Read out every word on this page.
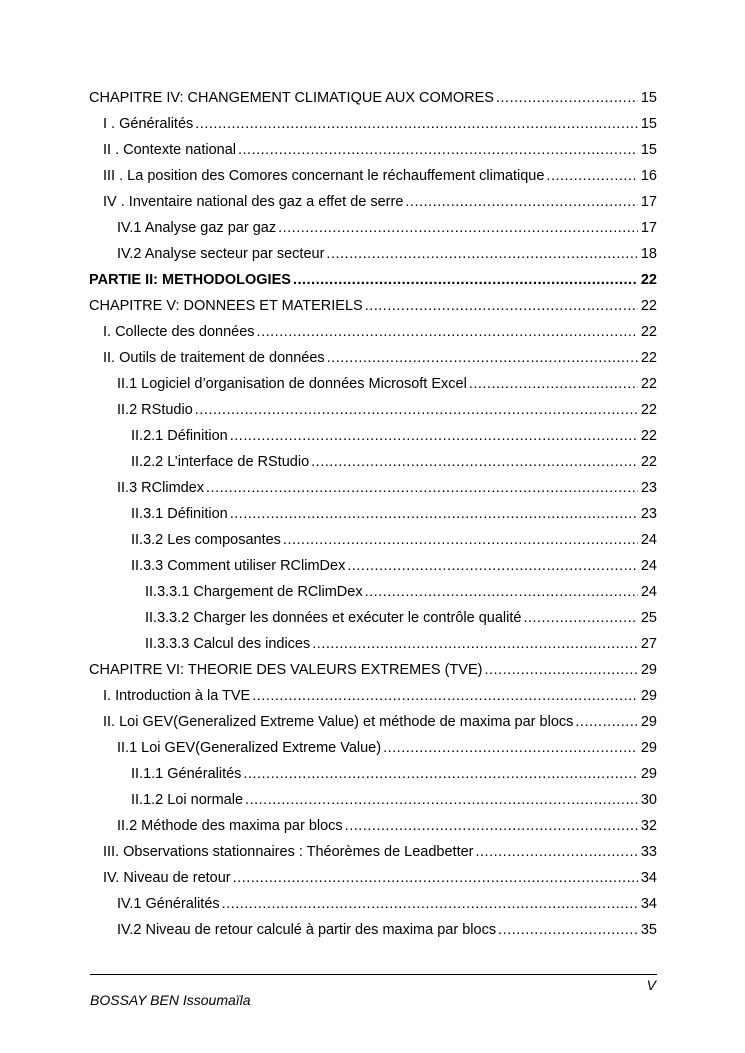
CHAPITRE IV: CHANGEMENT CLIMATIQUE AUX COMORES .....	15
I . Généralités .....	15
II . Contexte national .....	15
III . La position des Comores concernant le réchauffement climatique .....	16
IV . Inventaire national des gaz a effet de serre .....	17
IV.1 Analyse gaz par gaz .....	17
IV.2 Analyse secteur par secteur .....	18
PARTIE II: METHODOLOGIES .....	22
CHAPITRE V: DONNEES ET MATERIELS .....	22
I. Collecte des données .....	22
II. Outils de traitement de données .....	22
II.1 Logiciel d’organisation de données Microsoft Excel .....	22
II.2 RStudio .....	22
II.2.1 Définition .....	22
II.2.2 L’interface de RStudio .....	22
II.3 RClimdex .....	23
II.3.1 Définition .....	23
II.3.2 Les composantes .....	24
II.3.3 Comment utiliser RClimDex .....	24
II.3.3.1 Chargement de RClimDex .....	24
II.3.3.2 Charger les données et exécuter le contrôle qualité .....	25
II.3.3.3 Calcul des indices .....	27
CHAPITRE VI: THEORIE DES VALEURS EXTREMES (TVE) .....	29
I. Introduction à la TVE .....	29
II. Loi GEV(Generalized Extreme Value) et méthode de maxima par blocs .....	29
II.1 Loi GEV(Generalized Extreme Value) .....	29
II.1.1 Généralités .....	29
II.1.2 Loi normale .....	30
II.2 Méthode des maxima par blocs .....	32
III. Observations stationnaires : Théorèmes de Leadbetter .....	33
IV. Niveau de retour .....	34
IV.1 Généralités .....	34
IV.2 Niveau de retour calculé à partir des maxima par blocs .....	35
V
BOSSAY BEN Issoumaïla
